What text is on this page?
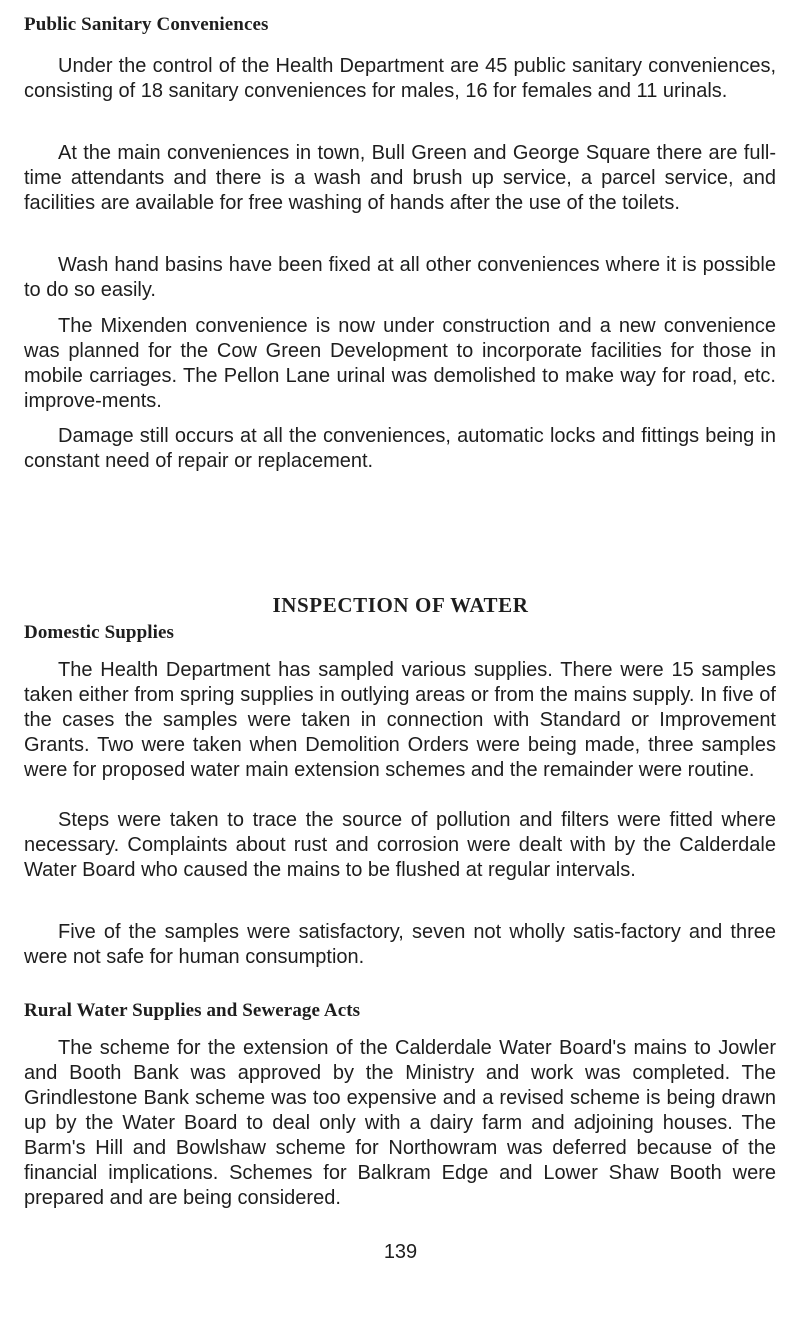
Public Sanitary Conveniences

Under the control of the Health Department are 45 public sanitary conveniences, consisting of 18 sanitary conveniences for males, 16 for females and 11 urinals.

At the main conveniences in town, Bull Green and George Square there are full-time attendants and there is a wash and brush up service, a parcel service, and facilities are available for free washing of hands after the use of the toilets.

Wash hand basins have been fixed at all other conveniences where it is possible to do so easily.

The Mixenden convenience is now under construction and a new convenience was planned for the Cow Green Development to incorporate facilities for those in mobile carriages. The Pellon Lane urinal was demolished to make way for road, etc. improve-ments.

Damage still occurs at all the conveniences, automatic locks and fittings being in constant need of repair or replacement.

INSPECTION OF WATER
Domestic Supplies

The Health Department has sampled various supplies. There were 15 samples taken either from spring supplies in outlying areas or from the mains supply. In five of the cases the samples were taken in connection with Standard or Improvement Grants. Two were taken when Demolition Orders were being made, three samples were for proposed water main extension schemes and the remainder were routine.

Steps were taken to trace the source of pollution and filters were fitted where necessary. Complaints about rust and corrosion were dealt with by the Calderdale Water Board who caused the mains to be flushed at regular intervals.

Five of the samples were satisfactory, seven not wholly satis-factory and three were not safe for human consumption.

Rural Water Supplies and Sewerage Acts

The scheme for the extension of the Calderdale Water Board's mains to Jowler and Booth Bank was approved by the Ministry and work was completed. The Grindlestone Bank scheme was too expensive and a revised scheme is being drawn up by the Water Board to deal only with a dairy farm and adjoining houses. The Barm's Hill and Bowlshaw scheme for Northowram was deferred because of the financial implications. Schemes for Balkram Edge and Lower Shaw Booth were prepared and are being considered.

139
